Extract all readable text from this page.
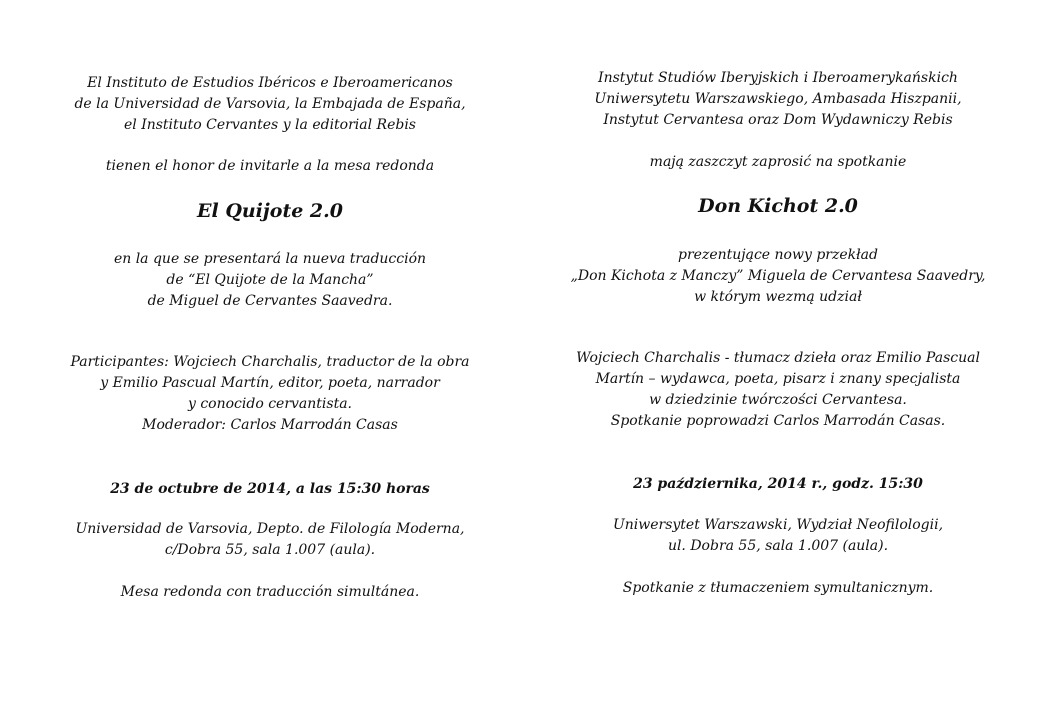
El Instituto de Estudios Ibéricos e Iberoamericanos
de la Universidad de Varsovia, la Embajada de España,
el Instituto Cervantes y la editorial Rebis
tienen el honor de invitarle a la mesa redonda
El Quijote 2.0
en la que se presentará la nueva traducción
de “El Quijote de la Mancha”
de Miguel de Cervantes Saavedra.
Participantes: Wojciech Charchalis, traductor de la obra
y Emilio Pascual Martín, editor, poeta, narrador
y conocido cervantista.
Moderador: Carlos Marrodán Casas
23 de octubre de 2014, a las 15:30 horas
Universidad de Varsovia, Depto. de Filología Moderna,
c/Dobra 55, sala 1.007 (aula).
Mesa redonda con traducción simultánea.
Instytut Studiów Iberyjskich i Iberoamerykańskich
Uniwersytetu Warszawskiego, Ambasada Hiszpanii,
Instytut Cervantesa oraz Dom Wydawniczy Rebis
mają zaszczyt zaprosić na spotkanie
Don Kichot 2.0
prezentujące nowy przekład
„Don Kichota z Manczy” Miguela de Cervantesa Saavedry,
w którym wezmą udział
Wojciech Charchalis - tłumacz dzieła oraz Emilio Pascual
Martín – wydawca, poeta, pisarz i znany specjalista
w dziedzinie twórczości Cervantesa.
Spotkanie poprowadzi Carlos Marrodán Casas.
23 października, 2014 r., godz. 15:30
Uniwersytet Warszawski, Wydział Neofilologii,
ul. Dobra 55, sala 1.007 (aula).
Spotkanie z tłumaczeniem symultanicznym.
